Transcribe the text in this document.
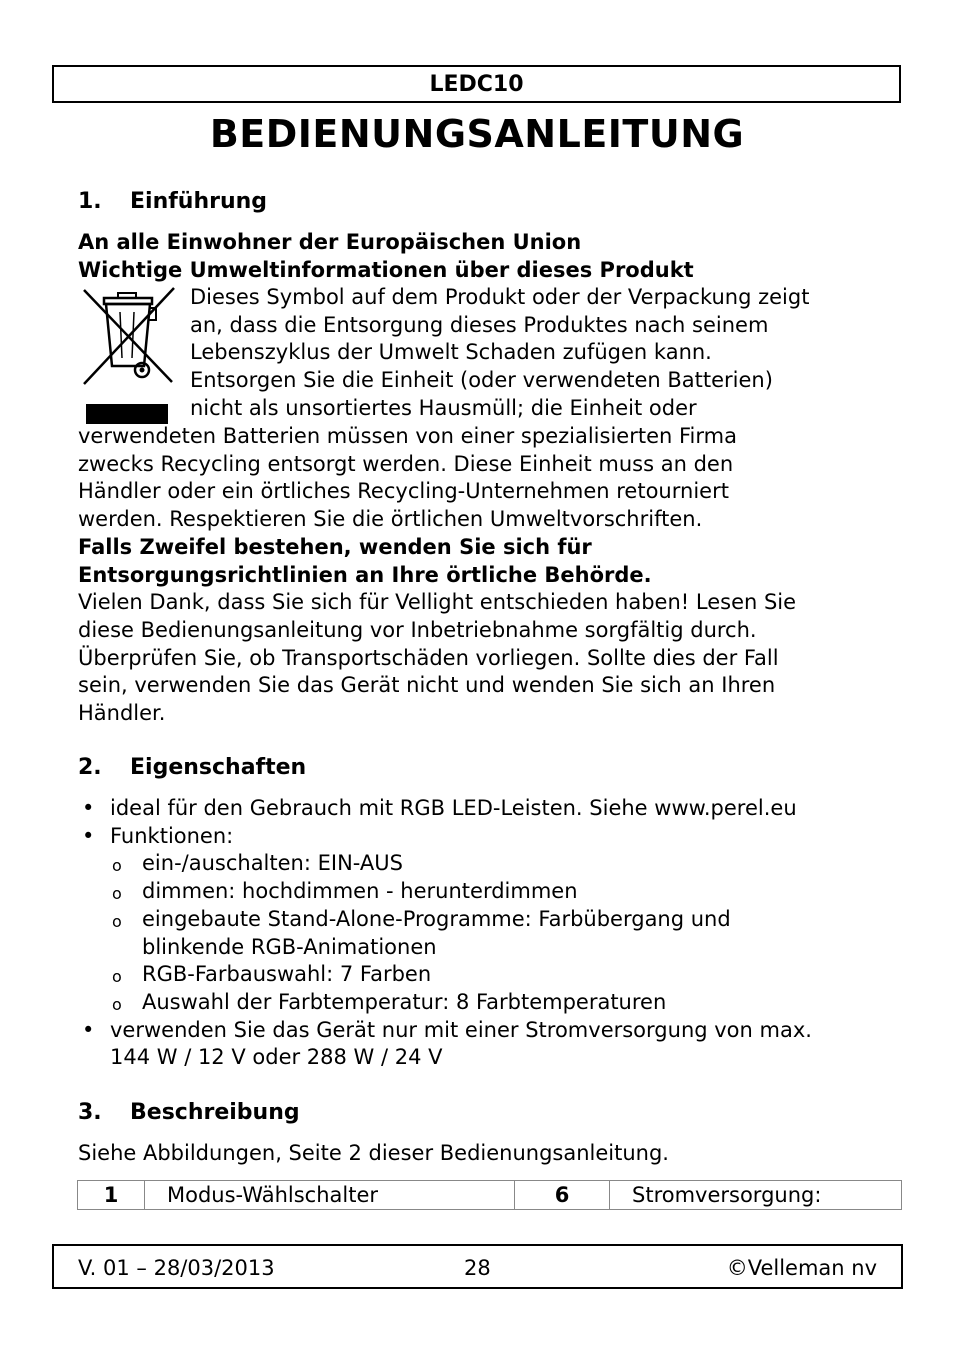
LEDC10
BEDIENUNGSANLEITUNG
1. Einführung

An alle Einwohner der Europäischen Union

Wichtige Umweltinformationen über dieses Produkt

Dieses Symbol auf dem Produkt oder der Verpackung zeigt
an, dass die Entsorgung dieses Produktes nach seinem
Lebenszyklus der Umwelt Schaden zufügen kann.
Entsorgen Sie die Einheit (oder verwendeten Batterien)
nicht als unsortiertes Hausmüll; die Einheit oder
verwendeten Batterien müssen von einer spezialisierten Firma
zwecks Recycling entsorgt werden. Diese Einheit muss an den
Händler oder ein örtliches Recycling-Unternehmen retourniert
werden. Respektieren Sie die örtlichen Umweltvorschriften.
Falls Zweifel bestehen, wenden Sie sich für
Entsorgungsrichtlinien an Ihre örtliche Behörde.
Vielen Dank, dass Sie sich für Vellight entschieden haben! Lesen Sie
diese Bedienungsanleitung vor Inbetriebnahme sorgfältig durch.
Überprüfen Sie, ob Transportschäden vorliegen. Sollte dies der Fall
sein, verwenden Sie das Gerät nicht und wenden Sie sich an Ihren
Händler.
2. Eigenschaften
• ideal für den Gebrauch mit RGB LED-Leisten. Siehe www.perel.eu
• Funktionen:
o ein-/auschalten: EIN-AUS
o dimmen: hochdimmen - herunterdimmen
o eingebaute Stand-Alone-Programme: Farbübergang und blinkende RGB-Animationen
o RGB-Farbauswahl: 7 Farben
o Auswahl der Farbtemperatur: 8 Farbtemperaturen
• verwenden Sie das Gerät nur mit einer Stromversorgung von max. 144 W / 12 V oder 288 W / 24 V
3. Beschreibung

Siehe Abbildungen, Seite 2 dieser Bedienungsanleitung.

1	Modus-Wählschalter	6	Stromversorgung:
V. 01 – 28/03/2013	28	©Velleman nv
